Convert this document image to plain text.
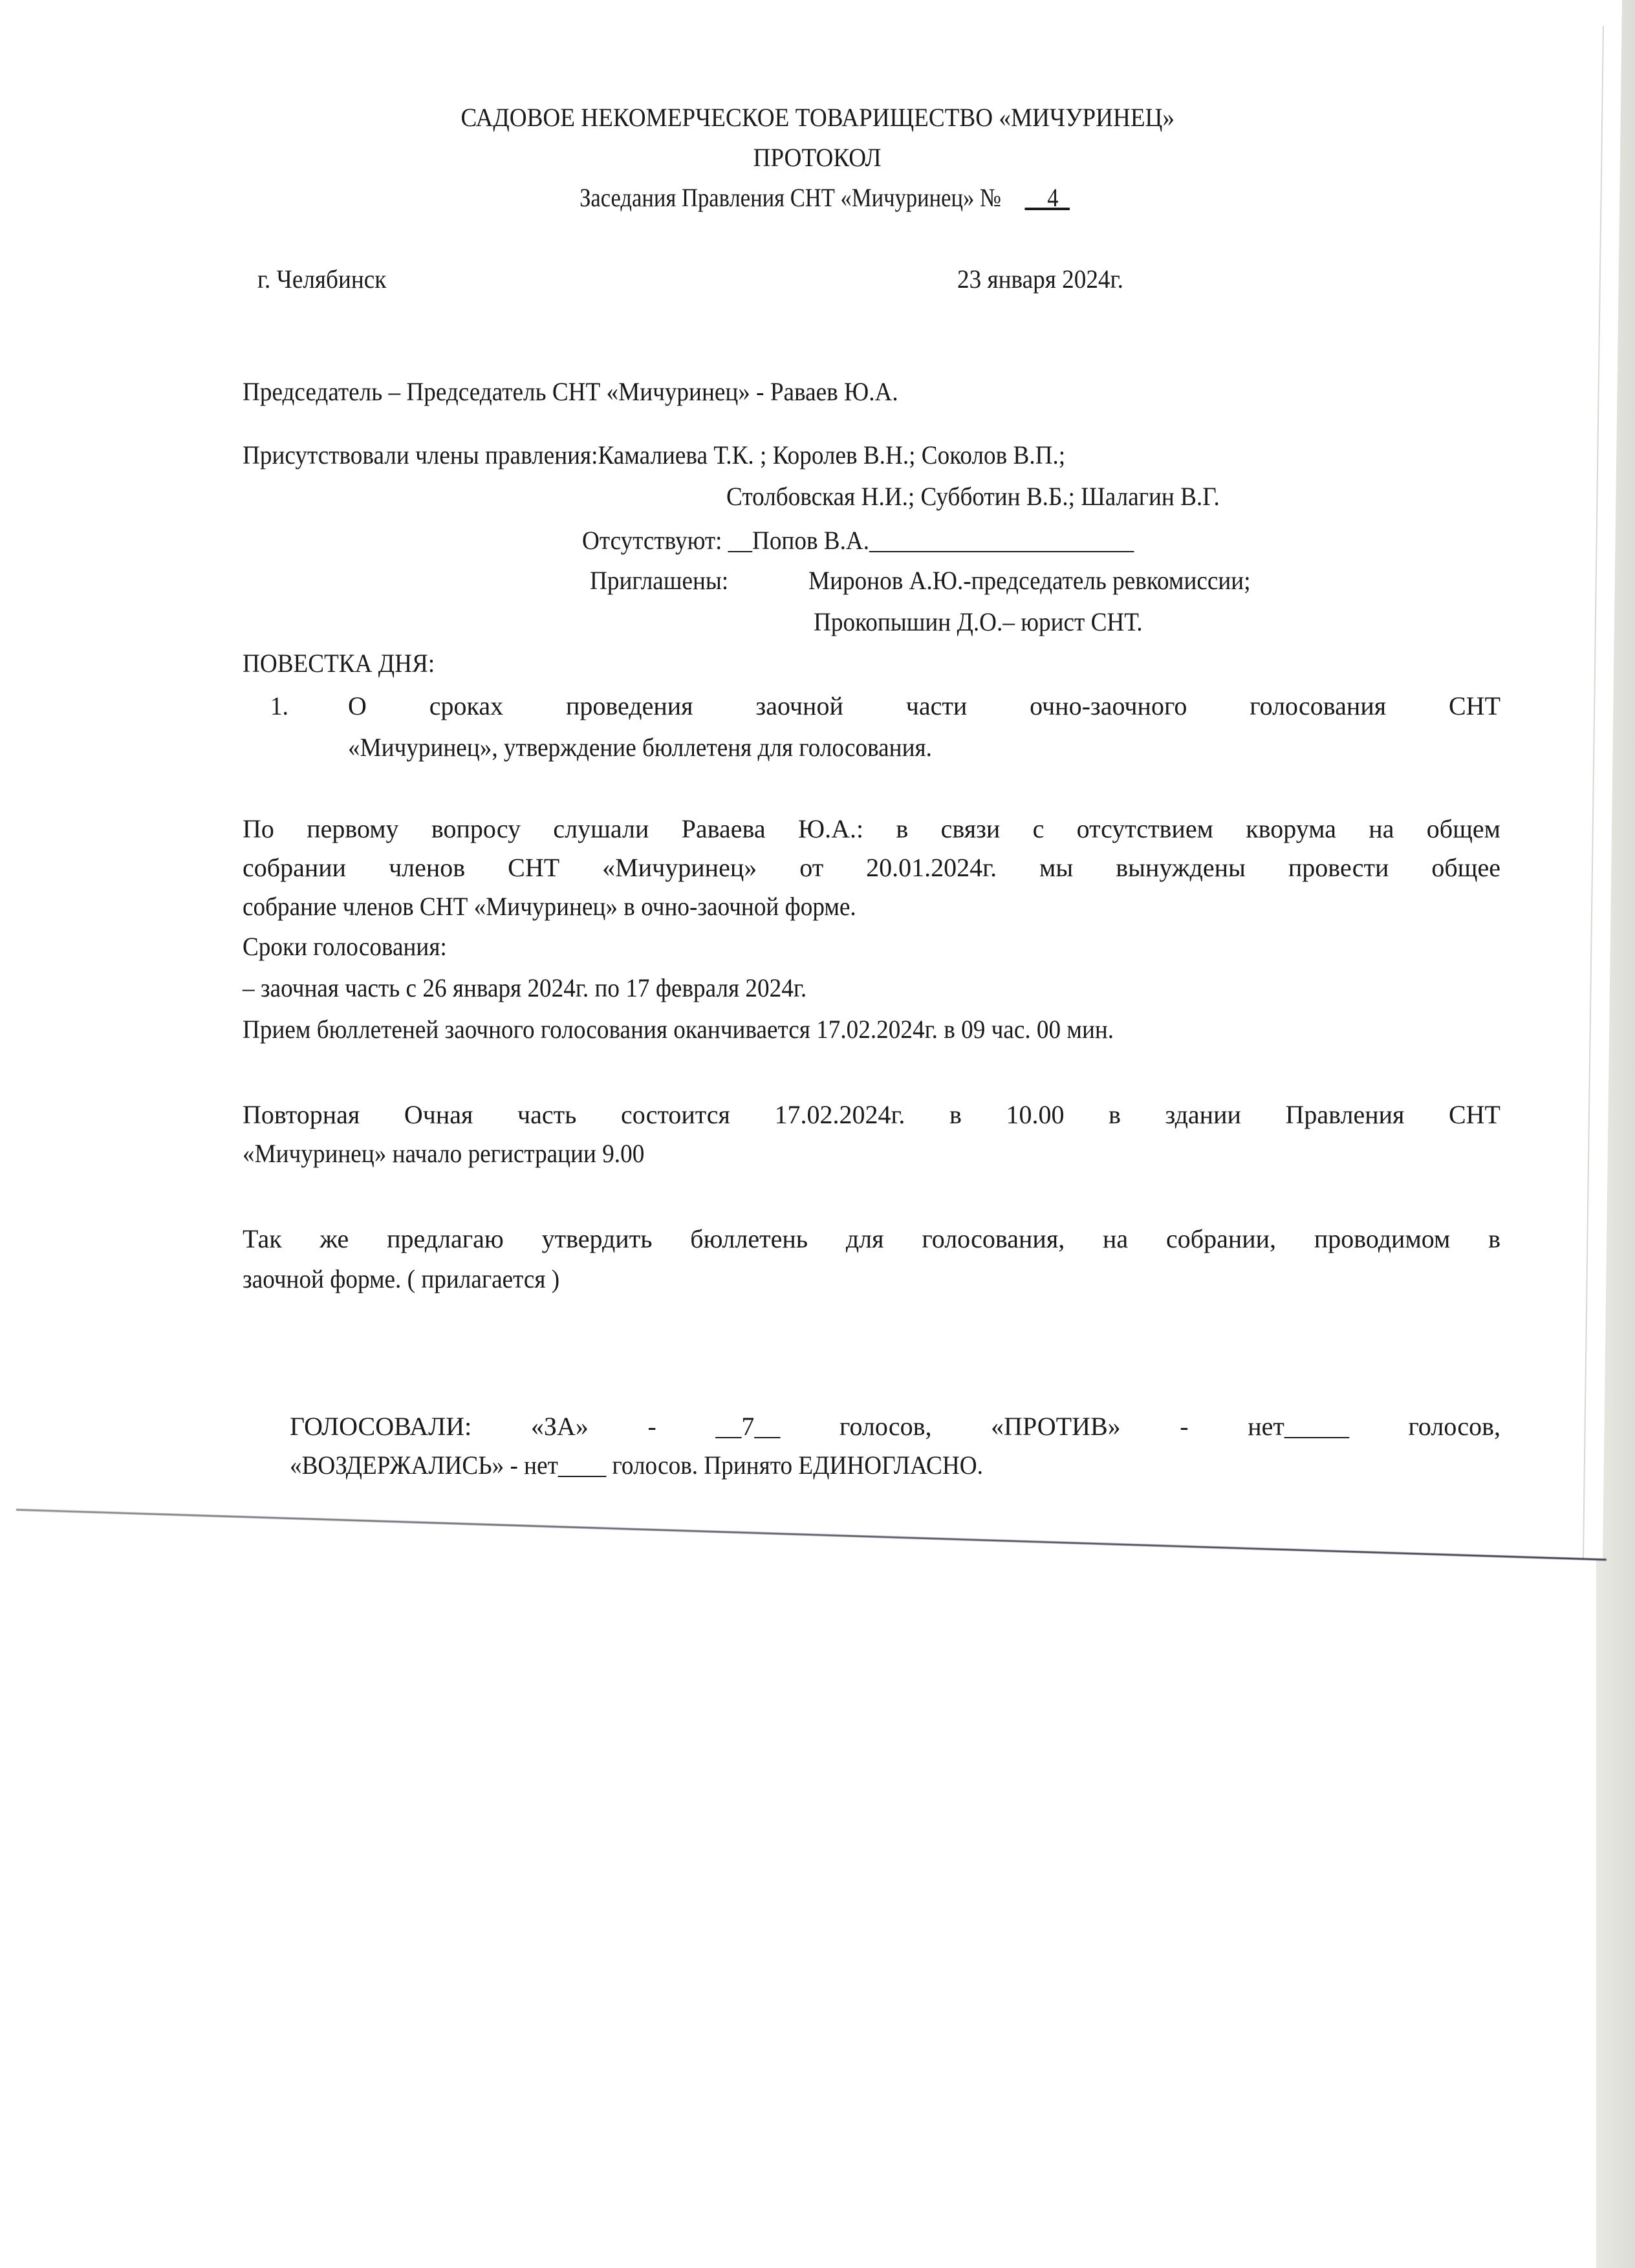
САДОВОЕ НЕКОМЕРЧЕСКОЕ ТОВАРИЩЕСТВО «МИЧУРИНЕЦ»
ПРОТОКОЛ
Заседания Правления СНТ «Мичуринец» № __4_
г. Челябинск	23 января 2024г.
Председатель – Председатель СНТ «Мичуринец» - Раваев Ю.А.
Присутствовали члены правления:Камалиева Т.К. ; Королев В.Н.; Соколов В.П.;
Столбовская Н.И.; Субботин В.Б.; Шалагин В.Г.
Отсутствуют: __Попов В.А.______________________
Приглашены:	Миронов А.Ю.-председатель ревкомиссии;
Прокопышин Д.О.– юрист СНТ.
ПОВЕСТКА ДНЯ:
1. О сроках проведения заочной части очно-заочного голосования СНТ
«Мичуринец», утверждение бюллетеня для голосования.
По первому вопросу слушали Раваева Ю.А.: в связи с отсутствием кворума на общем
собрании членов СНТ «Мичуринец» от 20.01.2024г. мы вынуждены провести общее
собрание членов СНТ «Мичуринец» в очно-заочной форме.
Сроки голосования:
– заочная часть с 26 января 2024г. по 17 февраля 2024г.
Прием бюллетеней заочного голосования оканчивается 17.02.2024г. в 09 час. 00 мин.
Повторная Очная часть состоится 17.02.2024г. в 10.00 в здании Правления СНТ
«Мичуринец» начало регистрации 9.00
Так же предлагаю утвердить бюллетень для голосования, на собрании, проводимом в
заочной форме. ( прилагается )
ГОЛОСОВАЛИ: «ЗА» - __7__ голосов, «ПРОТИВ» - нет_____ голосов,
«ВОЗДЕРЖАЛИСЬ» - нет____ голосов. Принято ЕДИНОГЛАСНО.
